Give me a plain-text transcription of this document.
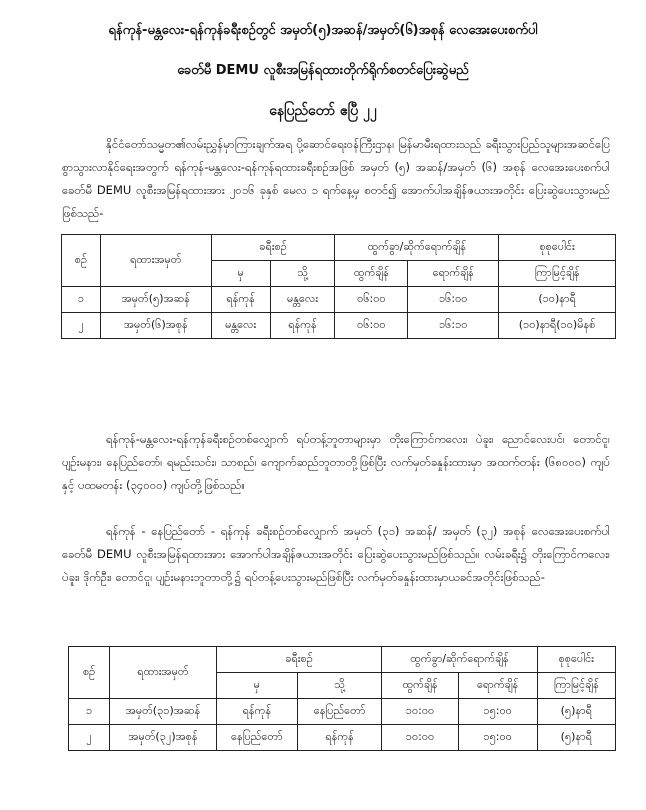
ရန်ကုန်-မန္တလေး-ရန်ကုန်ခရီးစဉ်တွင် အမှတ်(၅)အဆန်/အမှတ်(၆)အစုန် လေအေးပေးစက်ပါ
ခေတ်မီ DEMU လူစီးအမြန်ရထားတိုက်ရိုက်စတင်ပြေးဆွဲမည်
နေပြည်တော် ဧပြီ ၂၂

နိုင်ငံတော်သမ္မတ၏လမ်းညွှန်မှာကြားချက်အရ ပို့ဆောင်ရေးဝန်ကြီးဌာန၊ မြန်မာမီးရထားသည် ခရီးသွားပြည်သူများအဆင်ပြေစွာသွားလာနိုင်ရေးအတွက် ရန်ကုန်-မန္တလေး-ရန်ကုန်ရထားခရီးစဉ်အဖြစ် အမှတ် (၅) အဆန်/အမှတ် (၆) အစုန် လေအေးပေးစက်ပါခေတ်မီ DEMU လူစီးအမြန်ရထားအား ၂၀၁၆ ခုနှစ် မေလ ၁ ရက်နေ့မှ စတင်၍ အောက်ပါအချိန်ဇယားအတိုင်း ပြေးဆွဲပေးသွားမည်ဖြစ်သည်-

စဉ်	ရထားအမှတ်	ခရီးစဉ်		ထွက်ခွာ/ဆိုက်ရောက်ချိန်		စုစုပေါင်း
		မှ	သို့	ထွက်ချိန်	ရောက်ချိန်	ကြာမြင့်ချိန်
၁	အမှတ်(၅)အဆန်	ရန်ကုန်	မန္တလေး	၀၆:၀၀	၁၆:၀၀	(၁၀)နာရီ
၂	အမှတ်(၆)အစုန်	မန္တလေး	ရန်ကုန်	၀၆:၀၀	၁၆:၁၀	(၁၀)နာရီ(၁၀)မိနစ်

ရန်ကုန်-မန္တလေး-ရန်ကုန်ခရီးစဉ်တစ်လျှောက် ရပ်တန့်ဘူတာများမှာ တိုးကြောင်ကလေး၊ ပဲခူး၊ ညောင်လေးပင်၊ တောင်ငူ၊ ပျဉ်းမနား၊ နေပြည်တော်၊ ရမည်းသင်း၊ သာစည်၊ ကျောက်ဆည်ဘူတာတို့ဖြစ်ပြီး လက်မှတ်ခနှုန်းထားမှာ အထက်တန်း (၆၈၀၀၀) ကျပ်နှင့် ပထမတန်း (၃၄၀၀၀) ကျပ်တို့ဖြစ်သည်။

ရန်ကုန် - နေပြည်တော် - ရန်ကုန် ခရီးစဉ်တစ်လျှောက် အမှတ် (၃၁) အဆန်/ အမှတ် (၃၂) အစုန် လေအေးပေးစက်ပါ ခေတ်မီ DEMU လူစီးအမြန်ရထားအား အောက်ပါအချိန်ဇယားအတိုင်း ပြေးဆွဲပေးသွားမည်ဖြစ်သည်။ လမ်းခရီး၌ တိုးကြောင်ကလေး၊ ပဲခူး၊ ဒိုက်ဦး၊ တောင်ငူ၊ ပျဉ်းမနားဘူတာတို့၌ ရပ်တန့်ပေးသွားမည်ဖြစ်ပြီး လက်မှတ်ခနှုန်းထားမှာယခင်အတိုင်းဖြစ်သည်-

စဉ်	ရထားအမှတ်	ခရီးစဉ်		ထွက်ခွာ/ဆိုက်ရောက်ချိန်		စုစုပေါင်း
		မှ	သို့	ထွက်ချိန်	ရောက်ချိန်	ကြာမြင့်ချိန်
၁	အမှတ်(၃၁)အဆန်	ရန်ကုန်	နေပြည်တော်	၁၀:၀၀	၁၅:၀၀	(၅)နာရီ
၂	အမှတ်(၃၂)အစုန်	နေပြည်တော်	ရန်ကုန်	၁၀:၀၀	၁၅:၀၀	(၅)နာရီ
